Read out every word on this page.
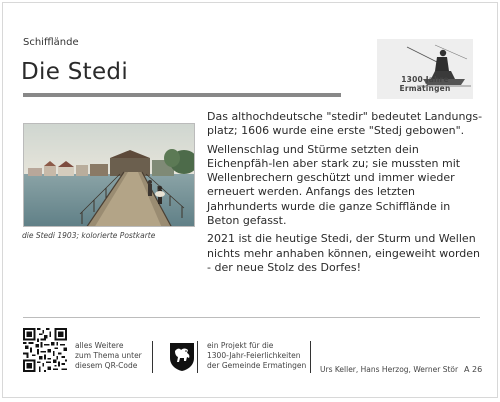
Schifflände
Die Stedi	1300 Jahre Ermatingen
die Stedi 1903; kolorierte Postkarte

Das althochdeutsche "stedir" bedeutet Landungs-platz; 1606 wurde eine erste "Stedj gebowen".

Wellenschlag und Stürme setzten dein Eichenpfäh-len aber stark zu; sie mussten mit Wellenbrechern geschützt und immer wieder erneuert werden. Anfangs des letzten Jahrhunderts wurde die ganze Schifflände in Beton gefasst.

2021 ist die heutige Stedi, der Sturm und Wellen nichts mehr anhaben können, eingeweiht worden - der neue Stolz des Dorfes!

alles Weitere
zum Thema unter
diesem QR-Code
ein Projekt für die
1300-Jahr-Feierlichkeiten
der Gemeinde Ermatingen Urs Keller, Hans Herzog, Werner Stör A 26
